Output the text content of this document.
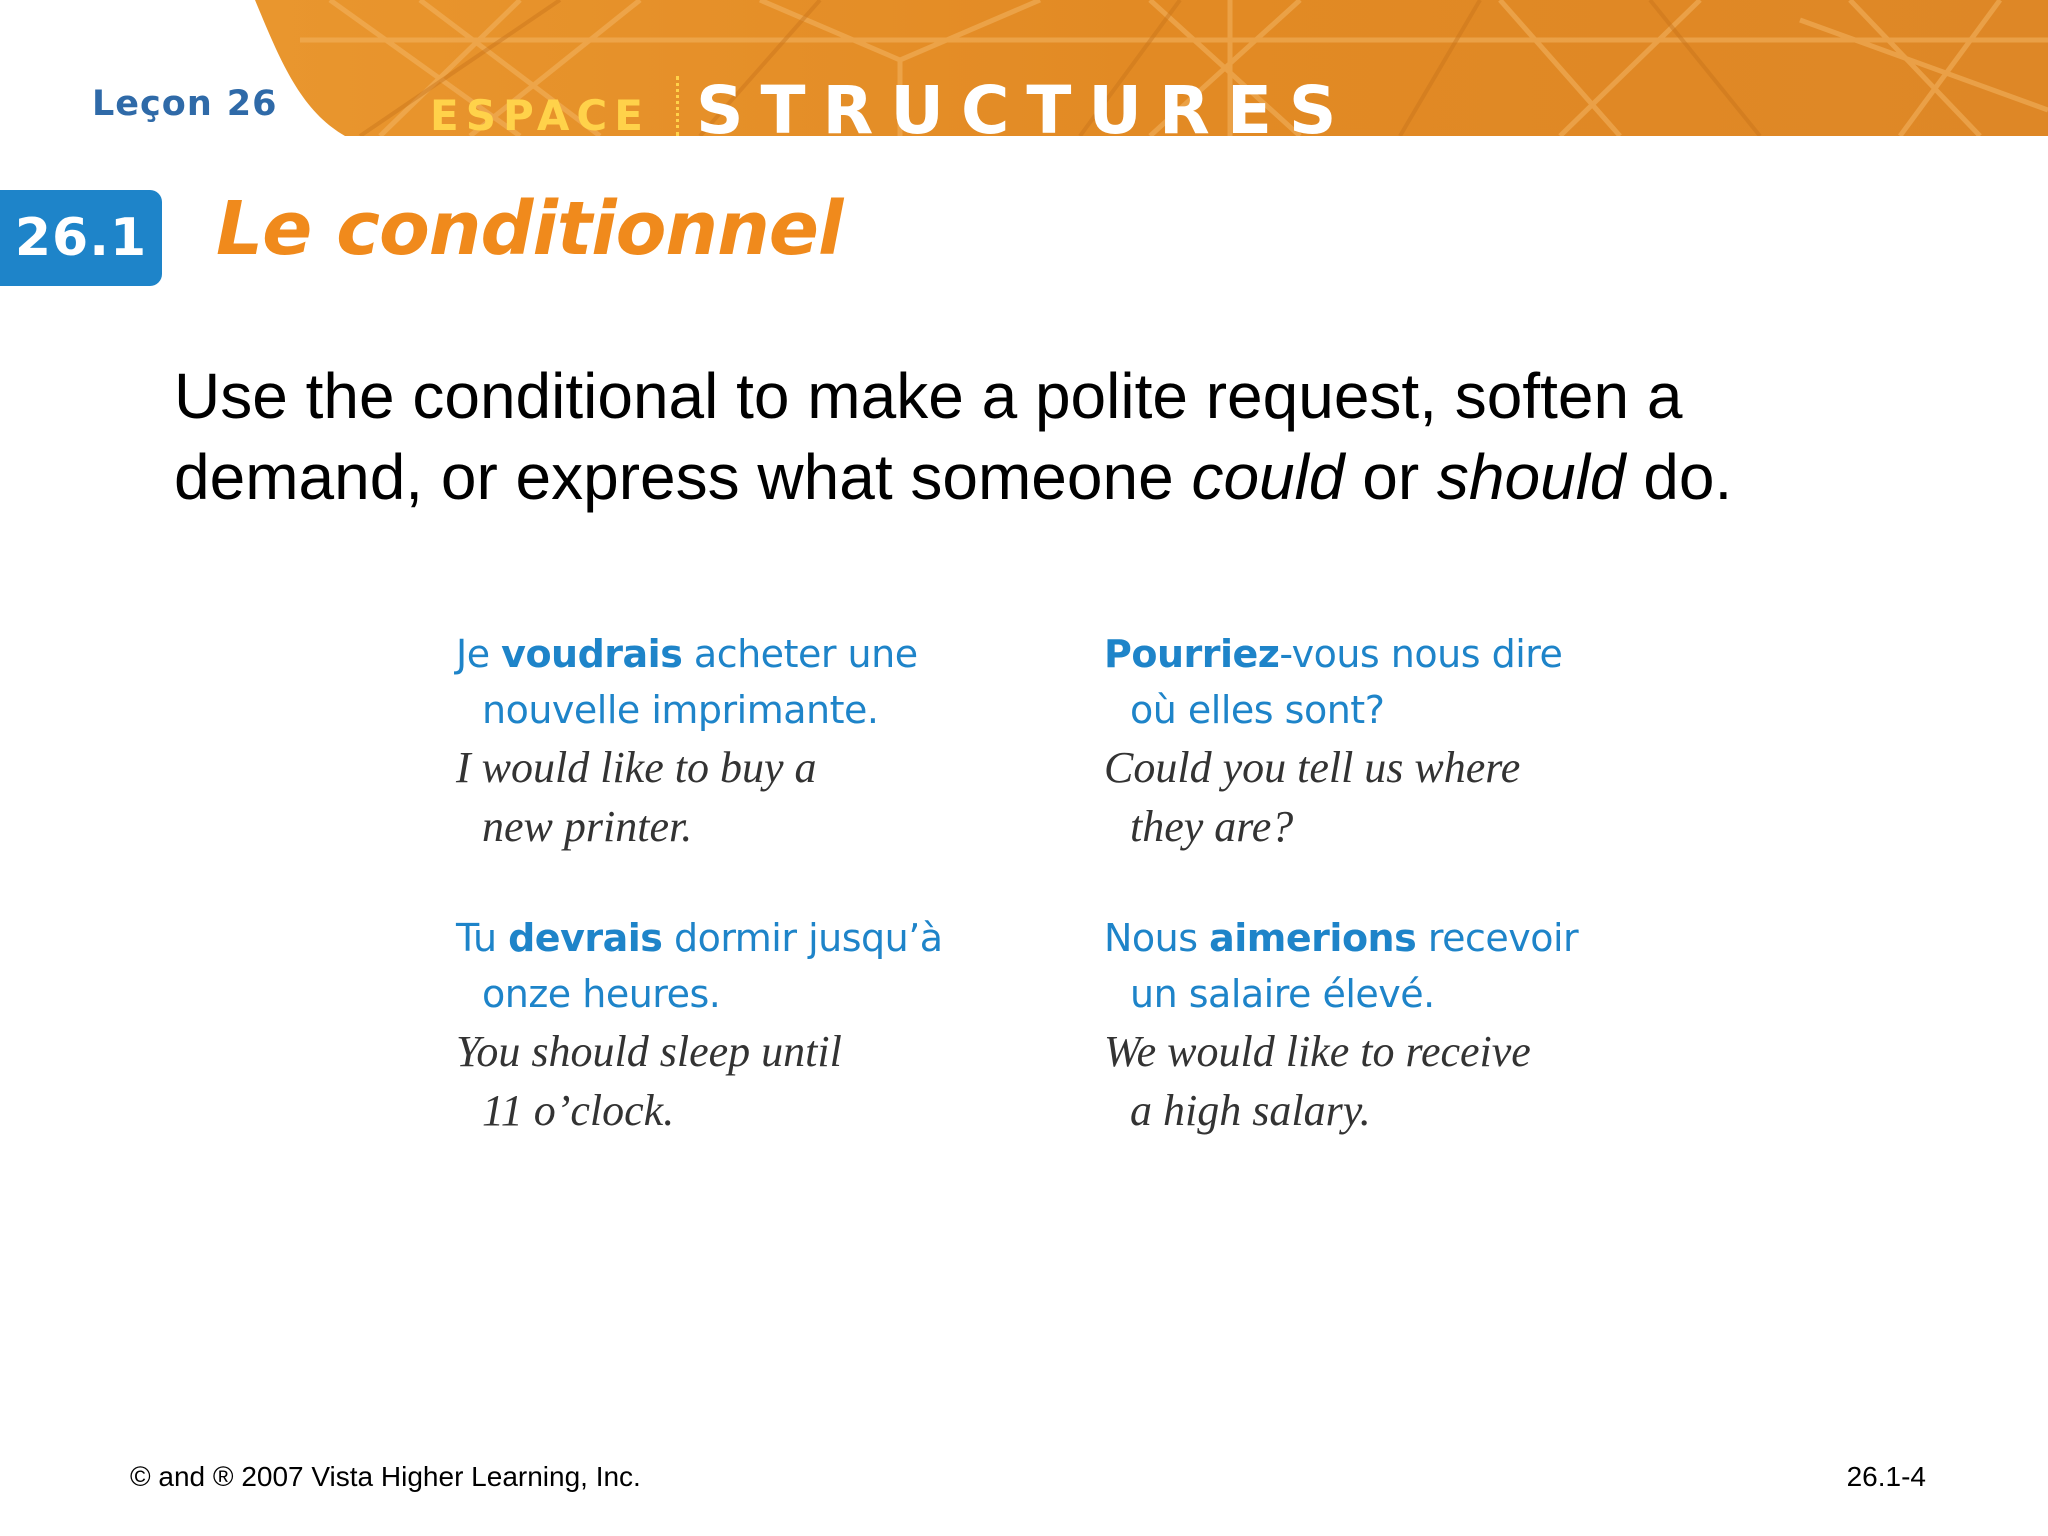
Leçon 26	ESPACE STRUCTURES
26.1 Le conditionnel
Use the conditional to make a polite request, soften a demand, or express what someone could or should do.
Je voudrais acheter une
nouvelle imprimante.
I would like to buy a
new printer.
Pourriez-vous nous dire
où elles sont?
Could you tell us where
they are?
Tu devrais dormir jusqu’à
onze heures.
You should sleep until
11 o’clock.
Nous aimerions recevoir
un salaire élevé.
We would like to receive
a high salary.
© and ® 2007 Vista Higher Learning, Inc.	26.1-4
